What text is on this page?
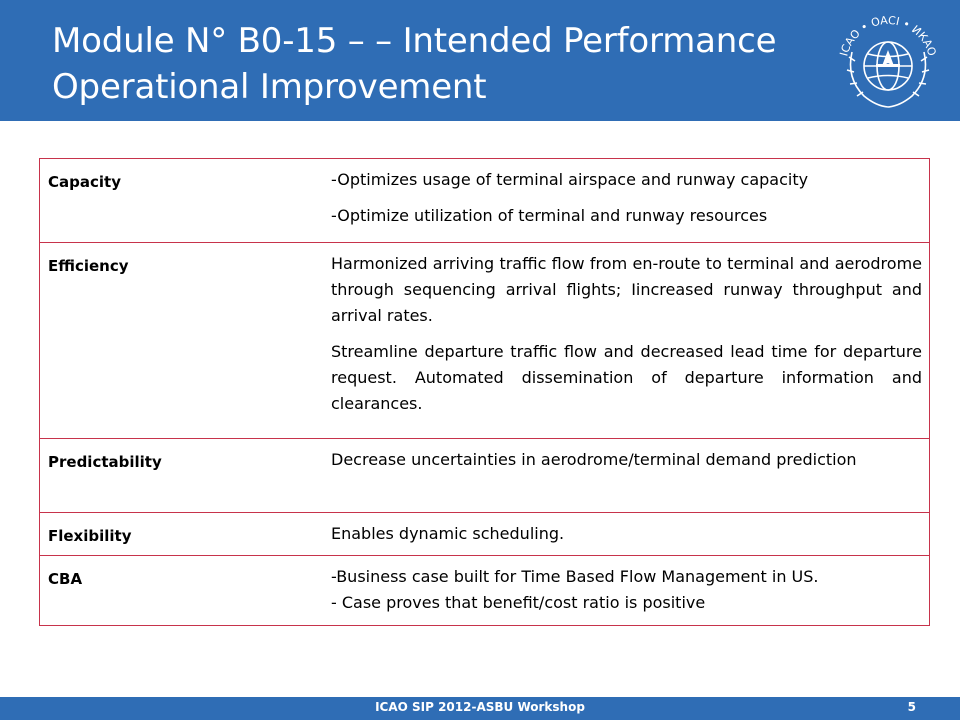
Module N° B0-15 – – Intended Performance
Operational Improvement
ICAO • OACI • ИКАО
Capacity	-Optimizes usage of terminal airspace and runway capacity

-Optimize utilization of terminal and runway resources

Efficiency	Harmonized arriving traffic flow from en-route to terminal and aerodrome through sequencing arrival flights; Iincreased runway throughput and arrival rates.

Streamline departure traffic flow and decreased lead time for departure request. Automated dissemination of departure information and clearances.

Predictability	Decrease uncertainties in aerodrome/terminal demand prediction

Flexibility	Enables dynamic scheduling.

CBA	-Business case built for Time Based Flow Management in US.

- Case proves that benefit/cost ratio is positive

ICAO SIP 2012-ASBU Workshop	5
